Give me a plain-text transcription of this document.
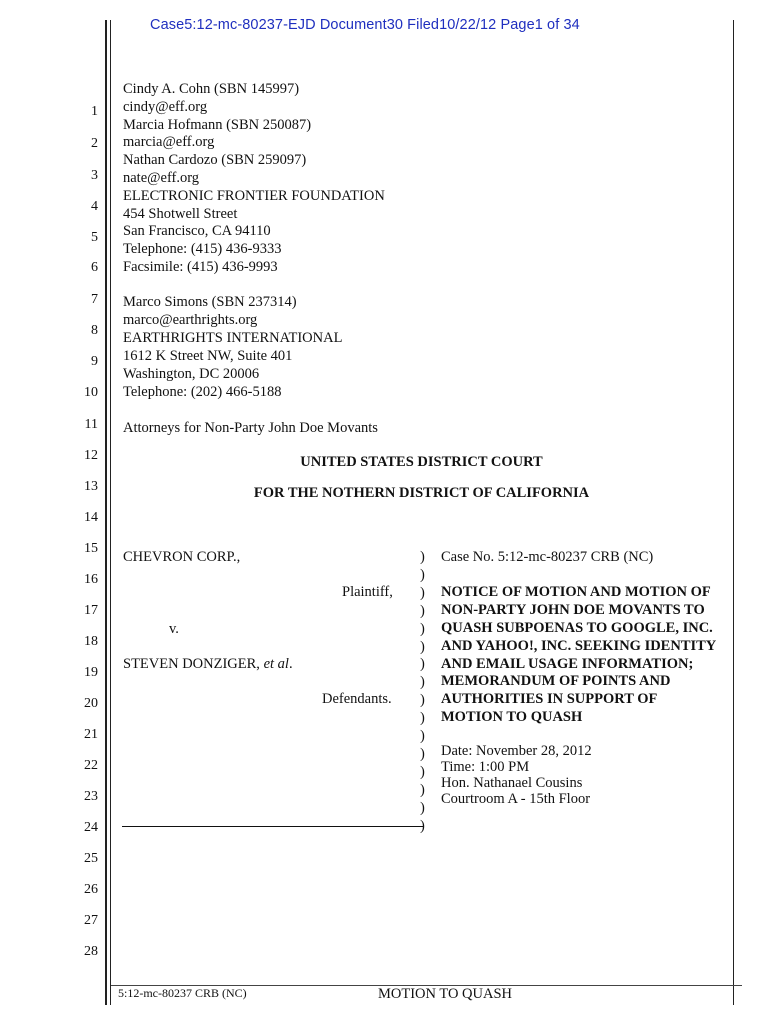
Case5:12-mc-80237-EJD Document30 Filed10/22/12 Page1 of 34
1
2
3
4
5
6
7
8
9
10
11
12
13
14
15
16
17
18
19
20
21
22
23
24
25
26
27
28
Cindy A. Cohn (SBN 145997)
cindy@eff.org
Marcia Hofmann (SBN 250087)
marcia@eff.org
Nathan Cardozo (SBN 259097)
nate@eff.org
ELECTRONIC FRONTIER FOUNDATION
454 Shotwell Street
San Francisco, CA 94110
Telephone: (415) 436-9333
Facsimile: (415) 436-9993
Marco Simons (SBN 237314)
marco@earthrights.org
EARTHRIGHTS INTERNATIONAL
1612 K Street NW, Suite 401
Washington, DC 20006
Telephone: (202) 466-5188
Attorneys for Non-Party John Doe Movants
UNITED STATES DISTRICT COURT
FOR THE NOTHERN DISTRICT OF CALIFORNIA
CHEVRON CORP.,
Plaintiff,
v.
STEVEN DONZIGER, et al.
Defendants.
)
)
)
)
)
)
)
)
)
)
)
)
)
)
)
)
Case No. 5:12-mc-80237 CRB (NC)
NOTICE OF MOTION AND MOTION OF
NON-PARTY JOHN DOE MOVANTS TO
QUASH SUBPOENAS TO GOOGLE, INC.
AND YAHOO!, INC. SEEKING IDENTITY
AND EMAIL USAGE INFORMATION;
MEMORANDUM OF POINTS AND
AUTHORITIES IN SUPPORT OF
MOTION TO QUASH
Date: November 28, 2012
Time: 1:00 PM
Hon. Nathanael Cousins
Courtroom A - 15th Floor
5:12-mc-80237 CRB (NC)	MOTION TO QUASH
